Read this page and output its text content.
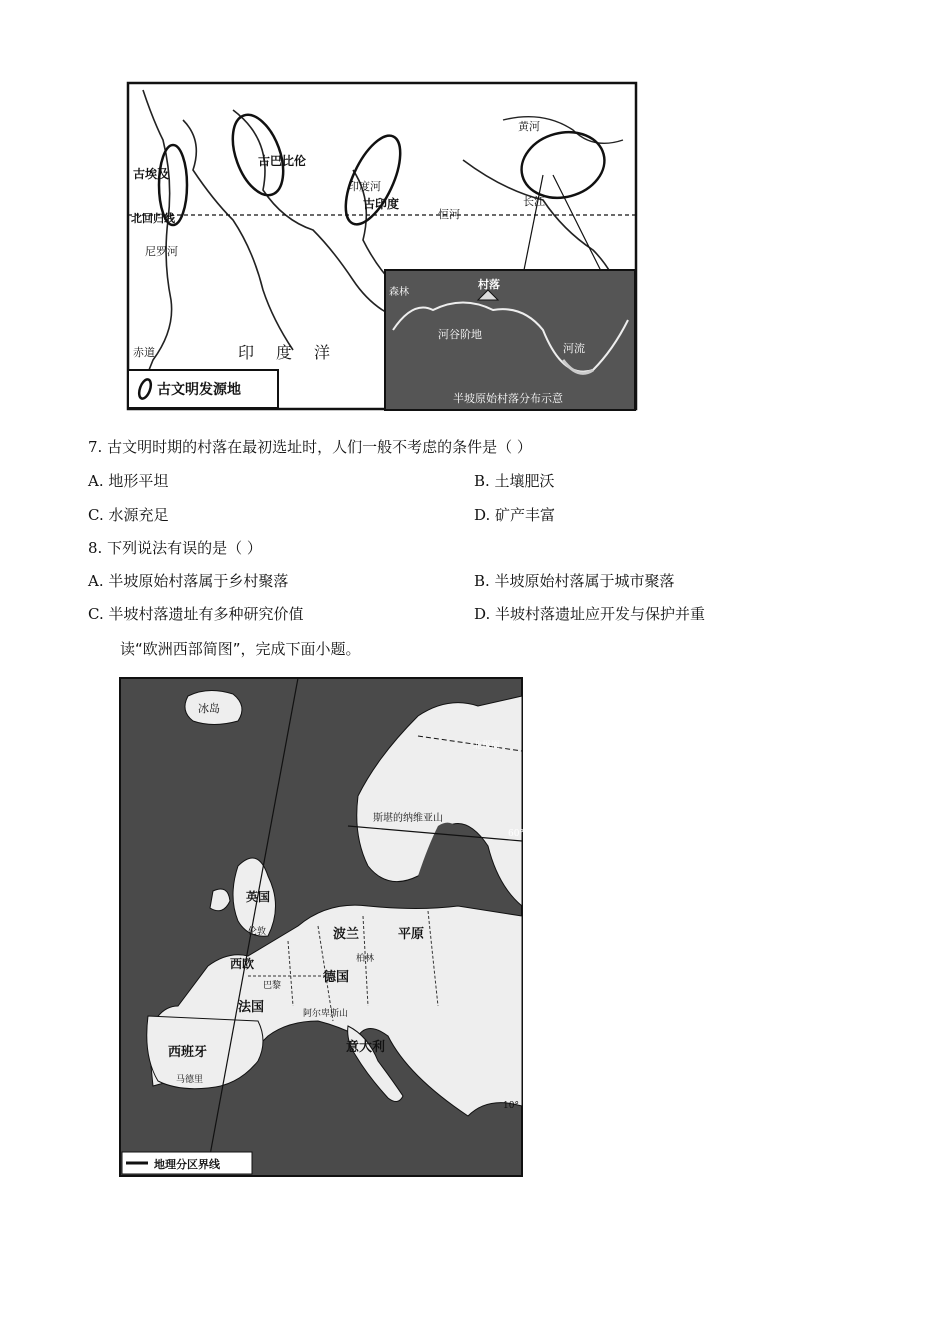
古埃及
北回归线
尼罗河
赤道
古巴比伦
古印度
恒河
印度河
黄河
长江
印度洋
村落
河谷阶地
河流
森林
半坡原始村落分布示意
古文明发源地
7. 古文明时期的村落在最初选址时，人们一般不考虑的条件是（ ）
A. 地形平坦	B. 土壤肥沃
C. 水源充足	D. 矿产丰富
8. 下列说法有误的是（ ）
A. 半坡原始村落属于乡村聚落	B. 半坡原始村落属于城市聚落
C. 半坡村落遗址有多种研究价值	D. 半坡村落遗址应开发与保护并重
读“欧洲西部简图”，完成下面小题。
冰岛
北极圈
60°
斯堪的纳维亚山
英国
伦敦	波兰	平原
德国
柏林
巴黎
法国
西欧
阿尔卑斯山
意大利
西班牙
马德里
10°
地理分区界线
